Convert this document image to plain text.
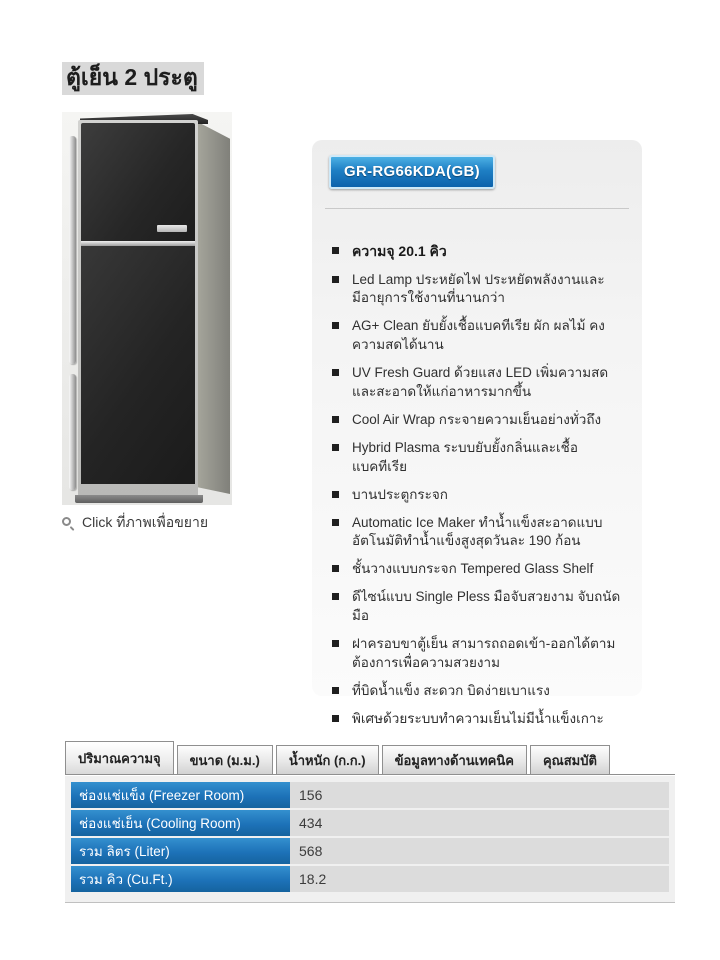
ตู้เย็น 2 ประตู
Click ที่ภาพเพื่อขยาย
GR-RG66KDA(GB)
ความจุ 20.1 คิว
Led Lamp ประหยัดไฟ ประหยัดพลังงานและมีอายุการใช้งานที่นานกว่า
AG+ Clean ยับยั้งเชื้อแบคทีเรีย ผัก ผลไม้ คงความสดได้นาน
UV Fresh Guard ด้วยแสง LED เพิ่มความสด และสะอาดให้แก่อาหารมากขึ้น
Cool Air Wrap กระจายความเย็นอย่างทั่วถึง
Hybrid Plasma ระบบยับยั้งกลิ่นและเชื้อแบคทีเรีย
บานประตูกระจก
Automatic Ice Maker ทำน้ำแข็งสะอาดแบบอัตโนมัติทำน้ำแข็งสูงสุดวันละ 190 ก้อน
ชั้นวางแบบกระจก Tempered Glass Shelf
ดีไซน์แบบ Single Pless มือจับสวยงาม จับถนัดมือ
ฝาครอบขาตู้เย็น สามารถถอดเข้า-ออกได้ตามต้องการเพื่อความสวยงาม
ที่บิดน้ำแข็ง สะดวก บิดง่ายเบาแรง
พิเศษด้วยระบบทำความเย็นไม่มีน้ำแข็งเกาะ
ปริมาณความจุ	ขนาด (ม.ม.)	น้ำหนัก (ก.ก.)	ข้อมูลทางด้านเทคนิค	คุณสมบัติ
ช่องแช่แข็ง (Freezer Room)	156
ช่องแช่เย็น (Cooling Room)	434
รวม ลิตร (Liter)	568
รวม คิว (Cu.Ft.)	18.2
